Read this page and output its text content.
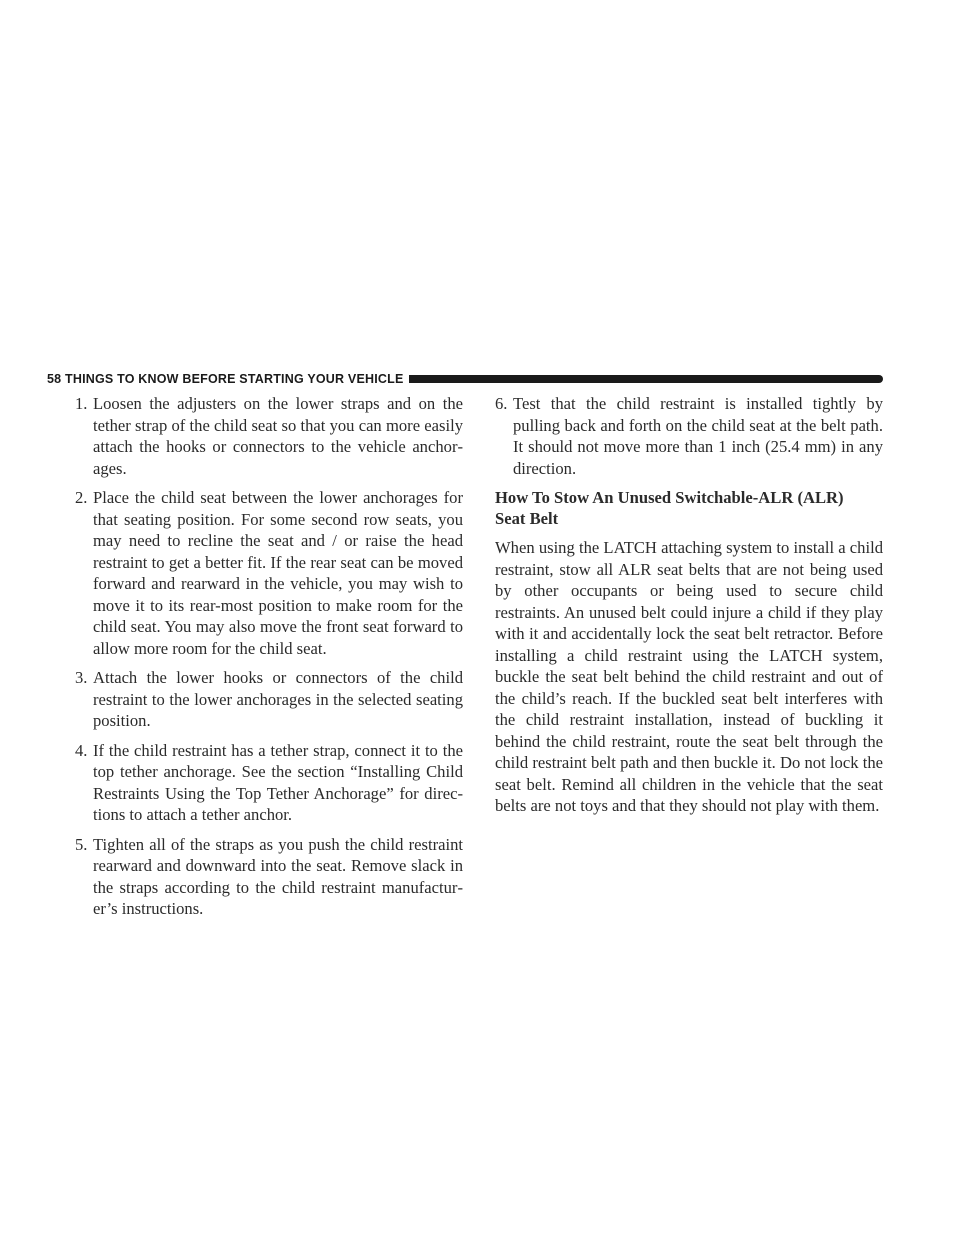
58 THINGS TO KNOW BEFORE STARTING YOUR VEHICLE
1. Loosen the adjusters on the lower straps and on the tether strap of the child seat so that you can more easily attach the hooks or connectors to the vehicle anchorages.
2. Place the child seat between the lower anchorages for that seating position. For some second row seats, you may need to recline the seat and / or raise the head restraint to get a better fit. If the rear seat can be moved forward and rearward in the vehicle, you may wish to move it to its rear-most position to make room for the child seat. You may also move the front seat forward to allow more room for the child seat.
3. Attach the lower hooks or connectors of the child restraint to the lower anchorages in the selected seating position.
4. If the child restraint has a tether strap, connect it to the top tether anchorage. See the section “Installing Child Restraints Using the Top Tether Anchorage” for directions to attach a tether anchor.
5. Tighten all of the straps as you push the child restraint rearward and downward into the seat. Remove slack in the straps according to the child restraint manufacturer’s instructions.
6. Test that the child restraint is installed tightly by pulling back and forth on the child seat at the belt path. It should not move more than 1 inch (25.4 mm) in any direction.
How To Stow An Unused Switchable-ALR (ALR)
Seat Belt

When using the LATCH attaching system to install a child restraint, stow all ALR seat belts that are not being used by other occupants or being used to secure child restraints. An unused belt could injure a child if they play with it and accidentally lock the seat belt retractor. Before installing a child restraint using the LATCH system, buckle the seat belt behind the child restraint and out of the child’s reach. If the buckled seat belt interferes with the child restraint installation, instead of buckling it behind the child restraint, route the seat belt through the child restraint belt path and then buckle it. Do not lock the seat belt. Remind all children in the vehicle that the seat belts are not toys and that they should not play with them.
